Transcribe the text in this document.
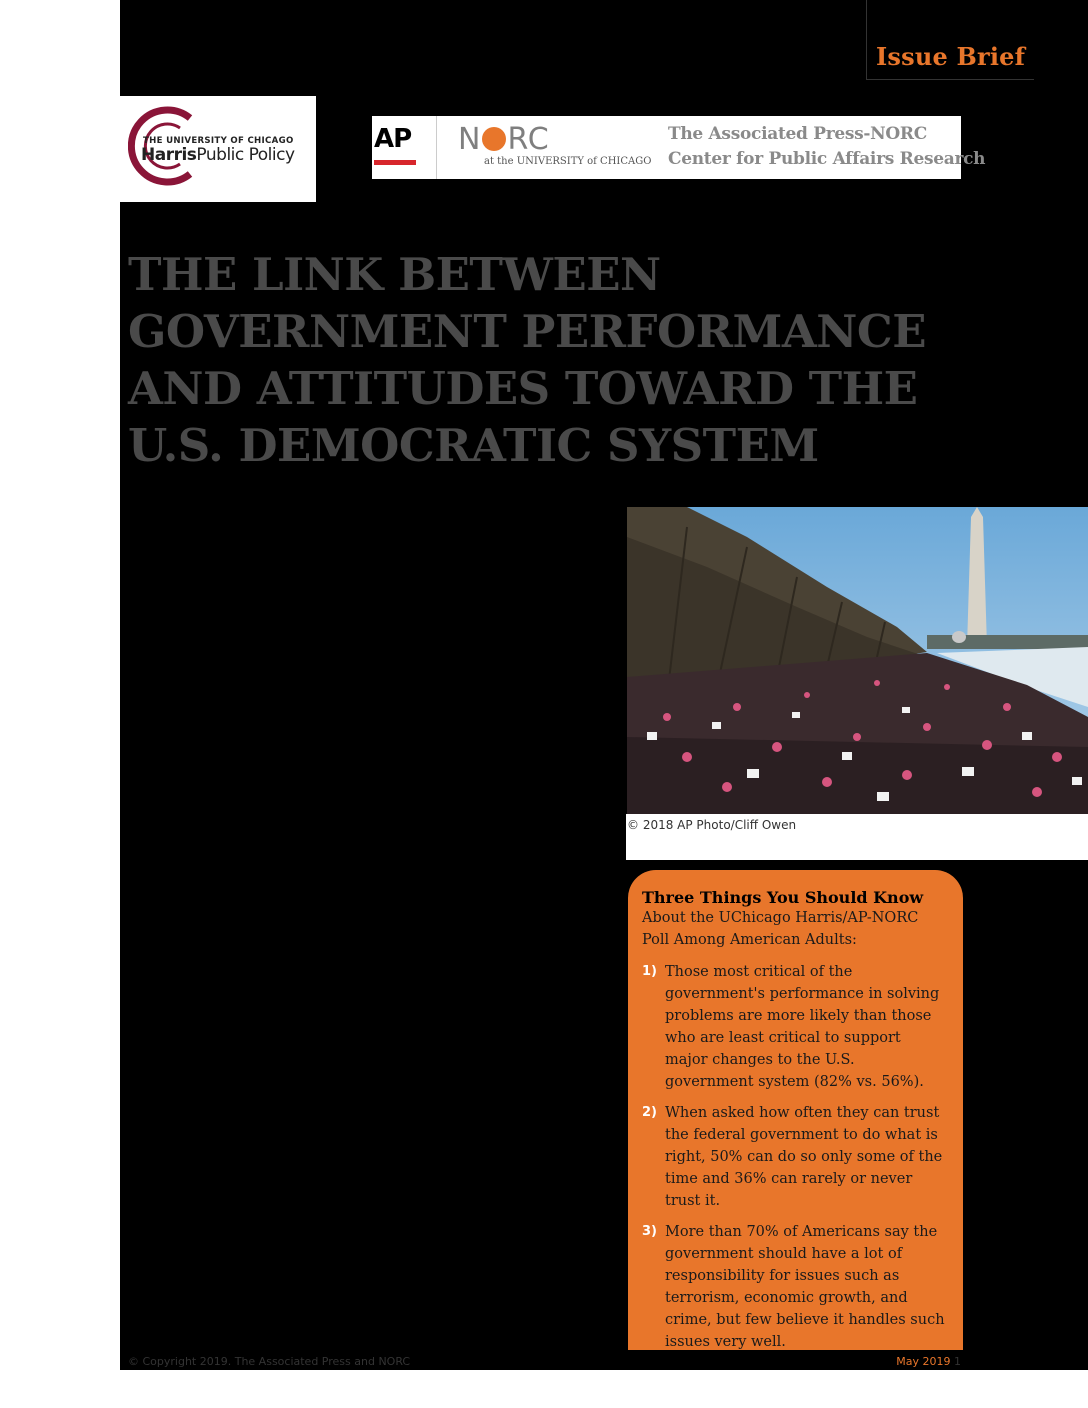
Issue Brief
THE UNIVERSITY OF CHICAGO
HarrisPublic Policy
AP N RC
at the UNIVERSITY of CHICAGO
The Associated Press-NORC
Center for Public Affairs Research
THE LINK BETWEEN GOVERNMENT PERFORMANCE AND ATTITUDES TOWARD THE U.S. DEMOCRATIC SYSTEM
© 2018 AP Photo/Cliff Owen

Three Things You Should Know

About the UChicago Harris/AP-NORC Poll Among American Adults:

1) Those most critical of the government's performance in solving problems are more likely than those who are least critical to support major changes to the U.S. government system (82% vs. 56%).
2) When asked how often they can trust the federal government to do what is right, 50% can do so only some of the time and 36% can rarely or never trust it.
3) More than 70% of Americans say the government should have a lot of responsibility for issues such as terrorism, economic growth, and crime, but few believe it handles such issues very well.
© Copyright 2019. The Associated Press and NORC	May 2019 1
